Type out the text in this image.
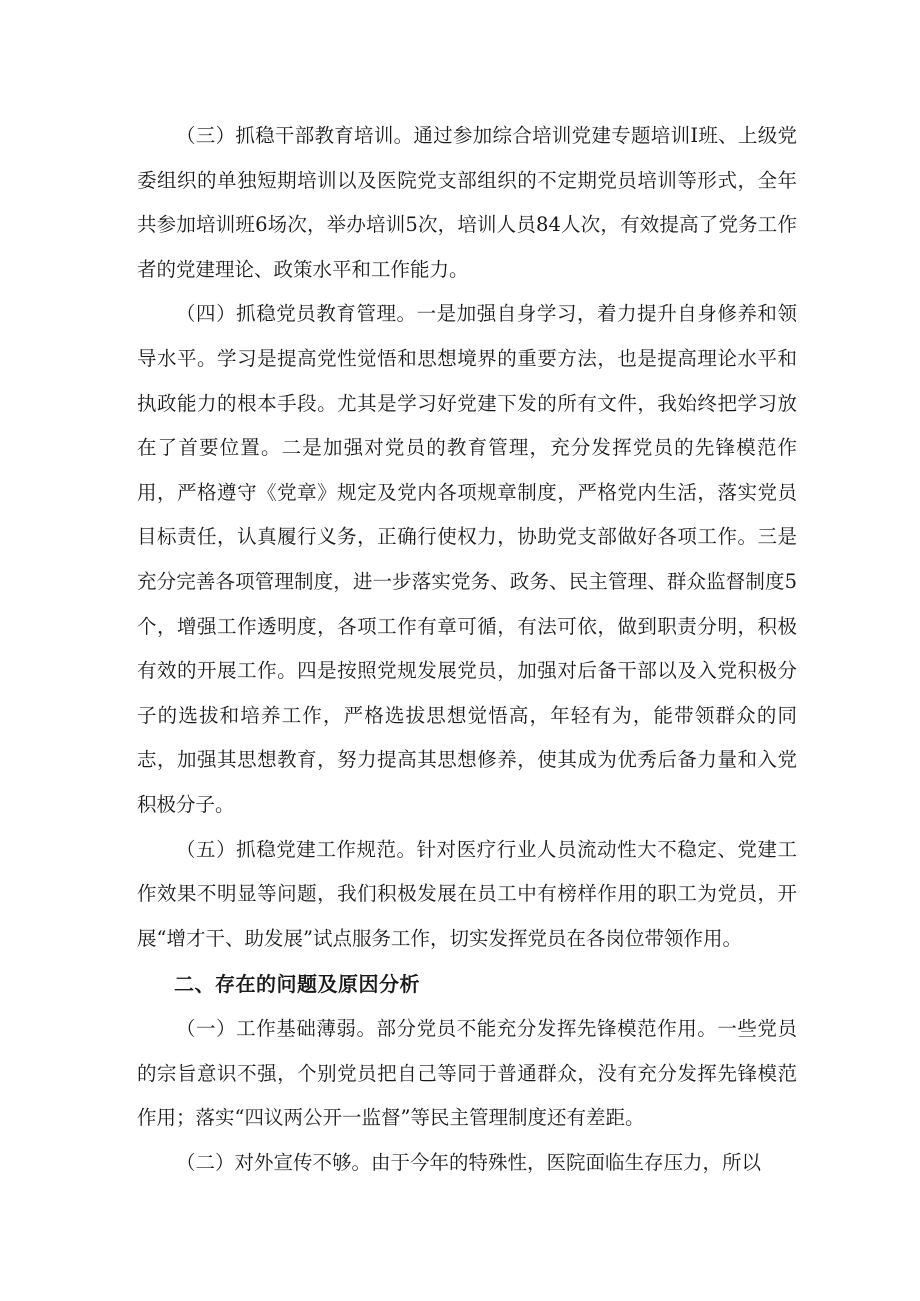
（三）抓稳干部教育培训。通过参加综合培训党建专题培训Ⅰ班、上级党委组织的单独短期培训以及医院党支部组织的不定期党员培训等形式，全年共参加培训班6场次，举办培训5次，培训人员84人次，有效提高了党务工作者的党建理论、政策水平和工作能力。

（四）抓稳党员教育管理。一是加强自身学习，着力提升自身修养和领导水平。学习是提高党性觉悟和思想境界的重要方法，也是提高理论水平和执政能力的根本手段。尤其是学习好党建下发的所有文件，我始终把学习放在了首要位置。二是加强对党员的教育管理，充分发挥党员的先锋模范作用，严格遵守《党章》规定及党内各项规章制度，严格党内生活，落实党员目标责任，认真履行义务，正确行使权力，协助党支部做好各项工作。三是充分完善各项管理制度，进一步落实党务、政务、民主管理、群众监督制度5个，增强工作透明度，各项工作有章可循，有法可依，做到职责分明，积极有效的开展工作。四是按照党规发展党员，加强对后备干部以及入党积极分子的选拔和培养工作，严格选拔思想觉悟高，年轻有为，能带领群众的同志，加强其思想教育，努力提高其思想修养，使其成为优秀后备力量和入党积极分子。

（五）抓稳党建工作规范。针对医疗行业人员流动性大不稳定、党建工作效果不明显等问题，我们积极发展在员工中有榜样作用的职工为党员，开展“增才干、助发展”试点服务工作，切实发挥党员在各岗位带领作用。

二、存在的问题及原因分析

（一）工作基础薄弱。部分党员不能充分发挥先锋模范作用。一些党员的宗旨意识不强，个别党员把自己等同于普通群众，没有充分发挥先锋模范作用；落实“四议两公开一监督”等民主管理制度还有差距。

（二）对外宣传不够。由于今年的特殊性，医院面临生存压力，所以
